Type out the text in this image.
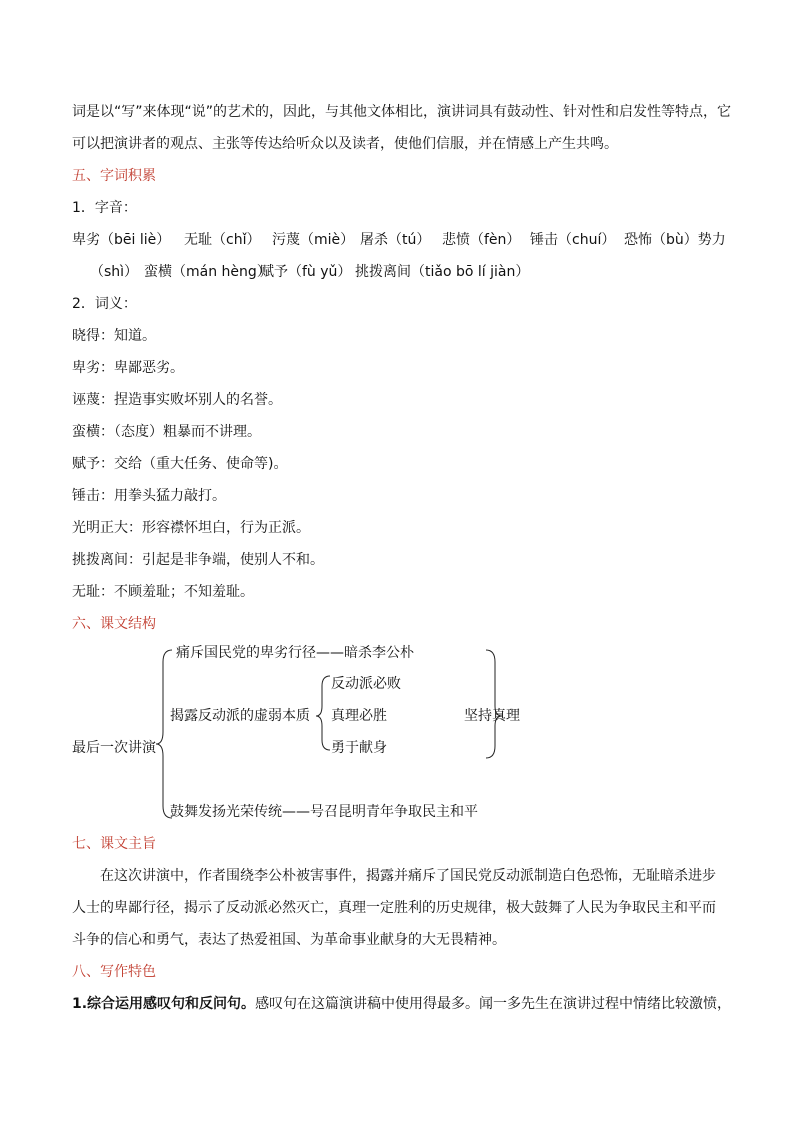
词是以“写”来体现“说”的艺术的，因此，与其他文体相比，演讲词具有鼓动性、针对性和启发性等特点，它
可以把演讲者的观点、主张等传达给听众以及读者，使他们信服，并在情感上产生共鸣。
五、字词积累
1．字音：
卑劣（bēi liè） 无耻（chǐ） 污蔑（miè） 屠杀（tú） 悲愤（fèn） 锤击（chuí） 恐怖（bù）势力
（shì） 蛮横（mán hèng）
赋予（fù yǔ） 挑拨离间（tiǎo bō lí jiàn）
2．词义：
晓得：知道。
卑劣：卑鄙恶劣。
诬蔑：捏造事实败坏别人的名誉。
蛮横：（态度）粗暴而不讲理。
赋予：交给（重大任务、使命等)。
锤击：用拳头猛力敲打。
光明正大：形容襟怀坦白，行为正派。
挑拨离间：引起是非争端，使别人不和。
无耻：不顾羞耻；不知羞耻。
六、课文结构
最后一次讲演
痛斥国民党的卑劣行径——暗杀李公朴
揭露反动派的虚弱本质
反动派必败
真理必胜
勇于献身
坚持真理
鼓舞发扬光荣传统——号召昆明青年争取民主和平
七、课文主旨
在这次讲演中，作者围绕李公朴被害事件，揭露并痛斥了国民党反动派制造白色恐怖，无耻暗杀进步
人士的卑鄙行径，揭示了反动派必然灭亡，真理一定胜利的历史规律，极大鼓舞了人民为争取民主和平而
斗争的信心和勇气，表达了热爱祖国、为革命事业献身的大无畏精神。
八、写作特色
1.综合运用感叹句和反问句。感叹句在这篇演讲稿中使用得最多。闻一多先生在演讲过程中情绪比较激愤，
